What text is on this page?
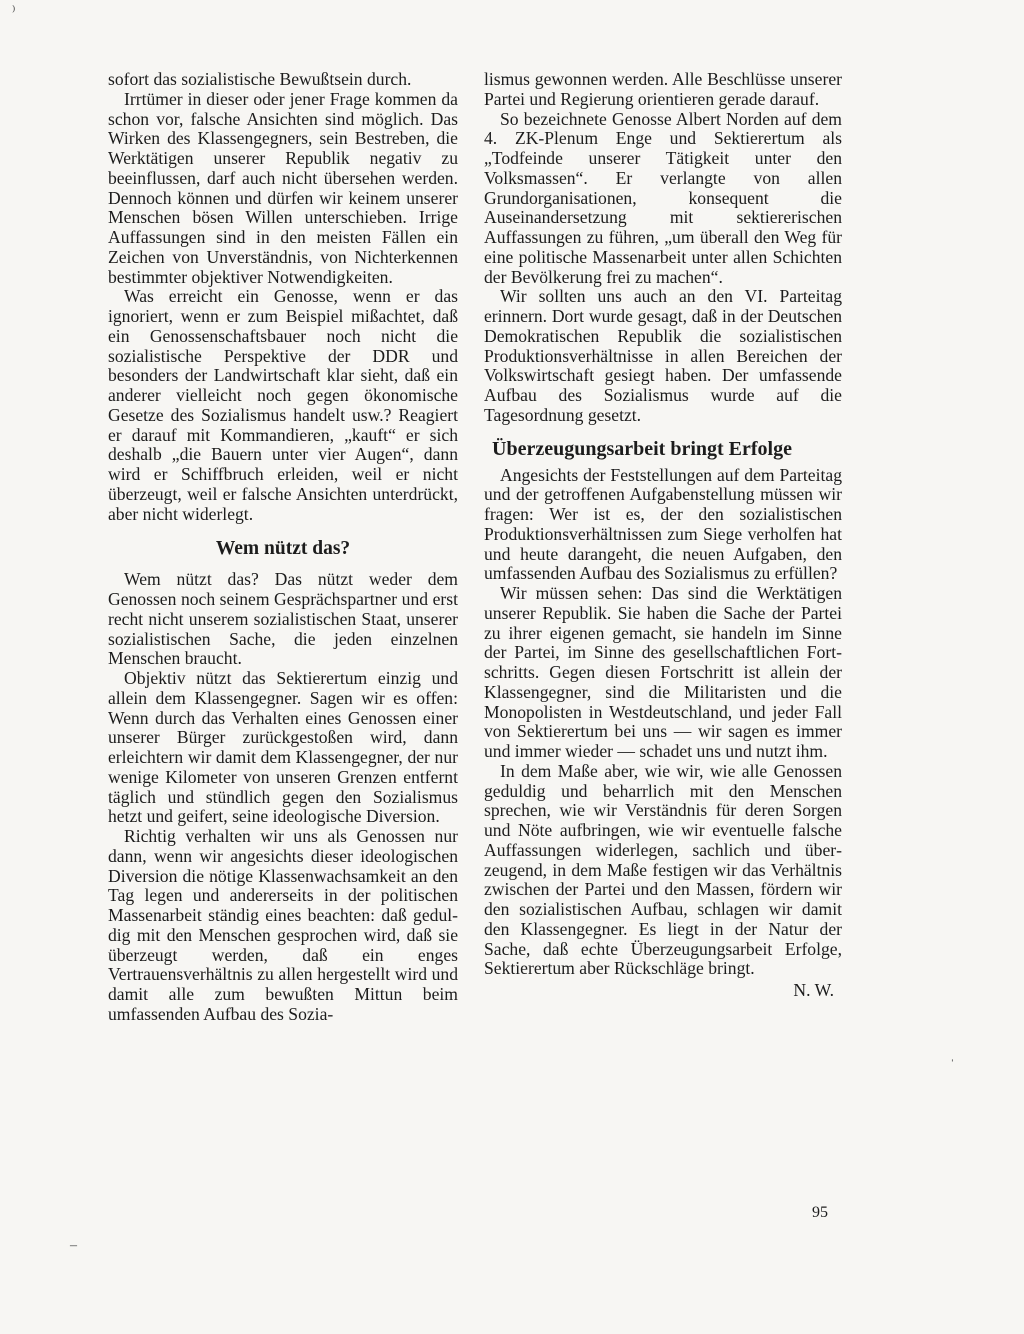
sofort das sozialistische Bewußtsein durch.

Irrtümer in dieser oder jener Frage kommen da schon vor, falsche Ansichten sind möglich. Das Wirken des Klassengegners, sein Bestreben, die Werktätigen unserer Republik negativ zu beeinflussen, darf auch nicht übersehen werden. Dennoch können und dürfen wir keinem unserer Menschen bösen Willen unterschieben. Irrige Auffassungen sind in den meisten Fällen ein Zeichen von Unverständnis, von Nichterkennen bestimmter objektiver Notwendigkeiten.

Was erreicht ein Genosse, wenn er das ignoriert, wenn er zum Beispiel mißachtet, daß ein Genossenschaftsbauer noch nicht die sozialistische Perspektive der DDR und besonders der Landwirtschaft klar sieht, daß ein anderer vielleicht noch gegen ökonomische Gesetze des Sozialismus handelt usw.? Reagiert er darauf mit Kommandieren, „kauft“ er sich deshalb „die Bauern unter vier Augen“, dann wird er Schiffbruch erleiden, weil er nicht überzeugt, weil er falsche Ansichten unterdrückt, aber nicht widerlegt.

Wem nützt das?

Wem nützt das? Das nützt weder dem Genossen noch seinem Gesprächspartner und erst recht nicht unserem sozialistischen Staat, unserer sozialistischen Sache, die jeden einzelnen Menschen braucht.

Objektiv nützt das Sektierertum einzig und allein dem Klassengegner. Sagen wir es offen: Wenn durch das Verhalten eines Genossen einer unserer Bürger zurückgestoßen wird, dann erleichtern wir damit dem Klassengegner, der nur wenige Kilometer von unseren Grenzen entfernt täglich und stündlich gegen den Sozialismus hetzt und geifert, seine ideologische Diversion.

Richtig verhalten wir uns als Genossen nur dann, wenn wir angesichts dieser ideologischen Diversion die nötige Klassenwachsamkeit an den Tag legen und andererseits in der politischen Massenarbeit ständig eines beachten: daß geduldig mit den Menschen gesprochen wird, daß sie überzeugt werden, daß ein enges Vertrauensverhältnis zu allen hergestellt wird und damit alle zum bewußten Mittun beim umfassenden Aufbau des Sozia-

lismus gewonnen werden. Alle Beschlüsse unserer Partei und Regierung orientieren gerade darauf.

So bezeichnete Genosse Albert Norden auf dem 4. ZK-Plenum Enge und Sektierertum als „Todfeinde unserer Tätigkeit unter den Volksmassen“. Er verlangte von allen Grundorganisationen, konsequent die Auseinandersetzung mit sektiererischen Auffassungen zu führen, „um überall den Weg für eine politische Massenarbeit unter allen Schichten der Bevölkerung frei zu machen“.

Wir sollten uns auch an den VI. Parteitag erinnern. Dort wurde gesagt, daß in der Deutschen Demokratischen Republik die sozialistischen Produktionsverhältnisse in allen Bereichen der Volkswirtschaft gesiegt haben. Der umfassende Aufbau des Sozialismus wurde auf die Tagesordnung gesetzt.

Überzeugungsarbeit bringt Erfolge

Angesichts der Feststellungen auf dem Parteitag und der getroffenen Aufgabenstellung müssen wir fragen: Wer ist es, der den sozialistischen Produktionsverhältnissen zum Siege verholfen hat und heute darangeht, die neuen Aufgaben, den umfassenden Aufbau des Sozialismus zu erfüllen?

Wir müssen sehen: Das sind die Werktätigen unserer Republik. Sie haben die Sache der Partei zu ihrer eigenen gemacht, sie handeln im Sinne der Partei, im Sinne des gesellschaftlichen Fortschritts. Gegen diesen Fortschritt ist allein der Klassengegner, sind die Militaristen und die Monopolisten in Westdeutschland, und jeder Fall von Sektierertum bei uns — wir sagen es immer und immer wieder — schadet uns und nutzt ihm.

In dem Maße aber, wie wir, wie alle Genossen geduldig und beharrlich mit den Menschen sprechen, wie wir Verständnis für deren Sorgen und Nöte aufbringen, wie wir eventuelle falsche Auffassungen widerlegen, sachlich und überzeugend, in dem Maße festigen wir das Verhältnis zwischen der Partei und den Massen, fördern wir den sozialistischen Aufbau, schlagen wir damit den Klassengegner. Es liegt in der Natur der Sache, daß echte Überzeugungsarbeit Erfolge, Sektierertum aber Rückschläge bringt.

N. W.
95
⁾
–
ˈ
